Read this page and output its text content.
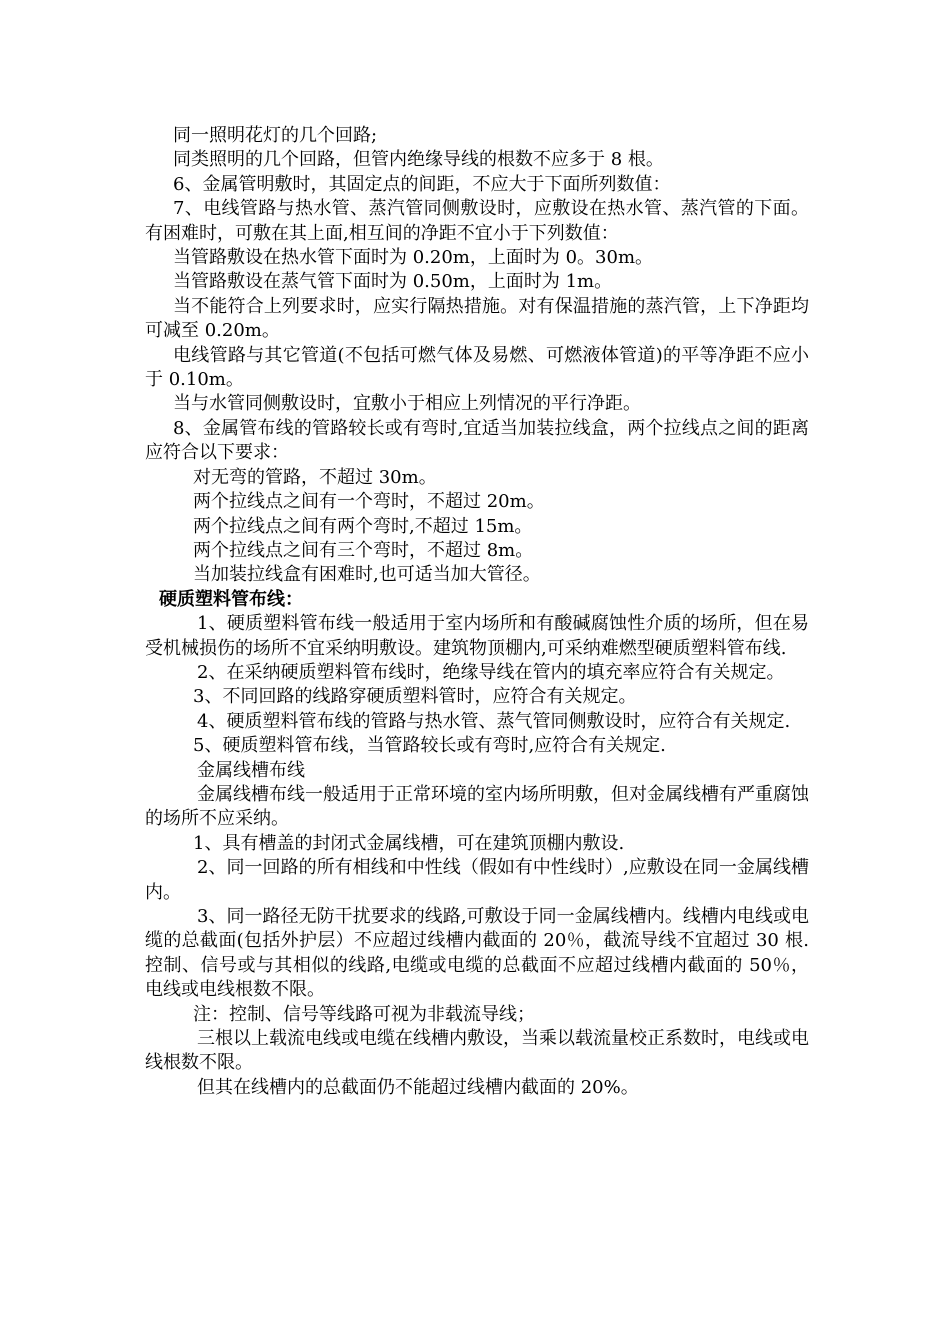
同一照明花灯的几个回路;

同类照明的几个回路，但管内绝缘导线的根数不应多于 8 根。

6、金属管明敷时，其固定点的间距，不应大于下面所列数值：

7、电线管路与热水管、蒸汽管同侧敷设时，应敷设在热水管、蒸汽管的下面。有困难时，可敷在其上面,相互间的净距不宜小于下列数值：

当管路敷设在热水管下面时为 0.20m，上面时为 0。30m。

当管路敷设在蒸气管下面时为 0.50m，上面时为 1m。

当不能符合上列要求时，应实行隔热措施。对有保温措施的蒸汽管，上下净距均可减至 0.20m。

电线管路与其它管道(不包括可燃气体及易燃、可燃液体管道)的平等净距不应小于 0.10m。

当与水管同侧敷设时，宜敷小于相应上列情况的平行净距。

8、金属管布线的管路较长或有弯时,宜适当加装拉线盒，两个拉线点之间的距离应符合以下要求：

对无弯的管路，不超过 30m。

两个拉线点之间有一个弯时，不超过 20m。

两个拉线点之间有两个弯时,不超过 15m。

两个拉线点之间有三个弯时，不超过 8m。

当加装拉线盒有困难时,也可适当加大管径。

硬质塑料管布线：

1、硬质塑料管布线一般适用于室内场所和有酸碱腐蚀性介质的场所，但在易受机械损伤的场所不宜采纳明敷设。建筑物顶棚内,可采纳难燃型硬质塑料管布线.

2、在采纳硬质塑料管布线时，绝缘导线在管内的填充率应符合有关规定。

3、不同回路的线路穿硬质塑料管时，应符合有关规定。

4、硬质塑料管布线的管路与热水管、蒸气管同侧敷设时，应符合有关规定.

5、硬质塑料管布线，当管路较长或有弯时,应符合有关规定.

金属线槽布线

金属线槽布线一般适用于正常环境的室内场所明敷，但对金属线槽有严重腐蚀的场所不应采纳。

1、具有槽盖的封闭式金属线槽，可在建筑顶棚内敷设.

2、同一回路的所有相线和中性线（假如有中性线时）,应敷设在同一金属线槽内。

3、同一路径无防干扰要求的线路,可敷设于同一金属线槽内。线槽内电线或电缆的总截面(包括外护层）不应超过线槽内截面的 20％，截流导线不宜超过 30 根.控制、信号或与其相似的线路,电缆或电缆的总截面不应超过线槽内截面的 50％，电线或电线根数不限。

注：控制、信号等线路可视为非载流导线；

三根以上载流电线或电缆在线槽内敷设，当乘以载流量校正系数时，电线或电线根数不限。

但其在线槽内的总截面仍不能超过线槽内截面的 20%。
